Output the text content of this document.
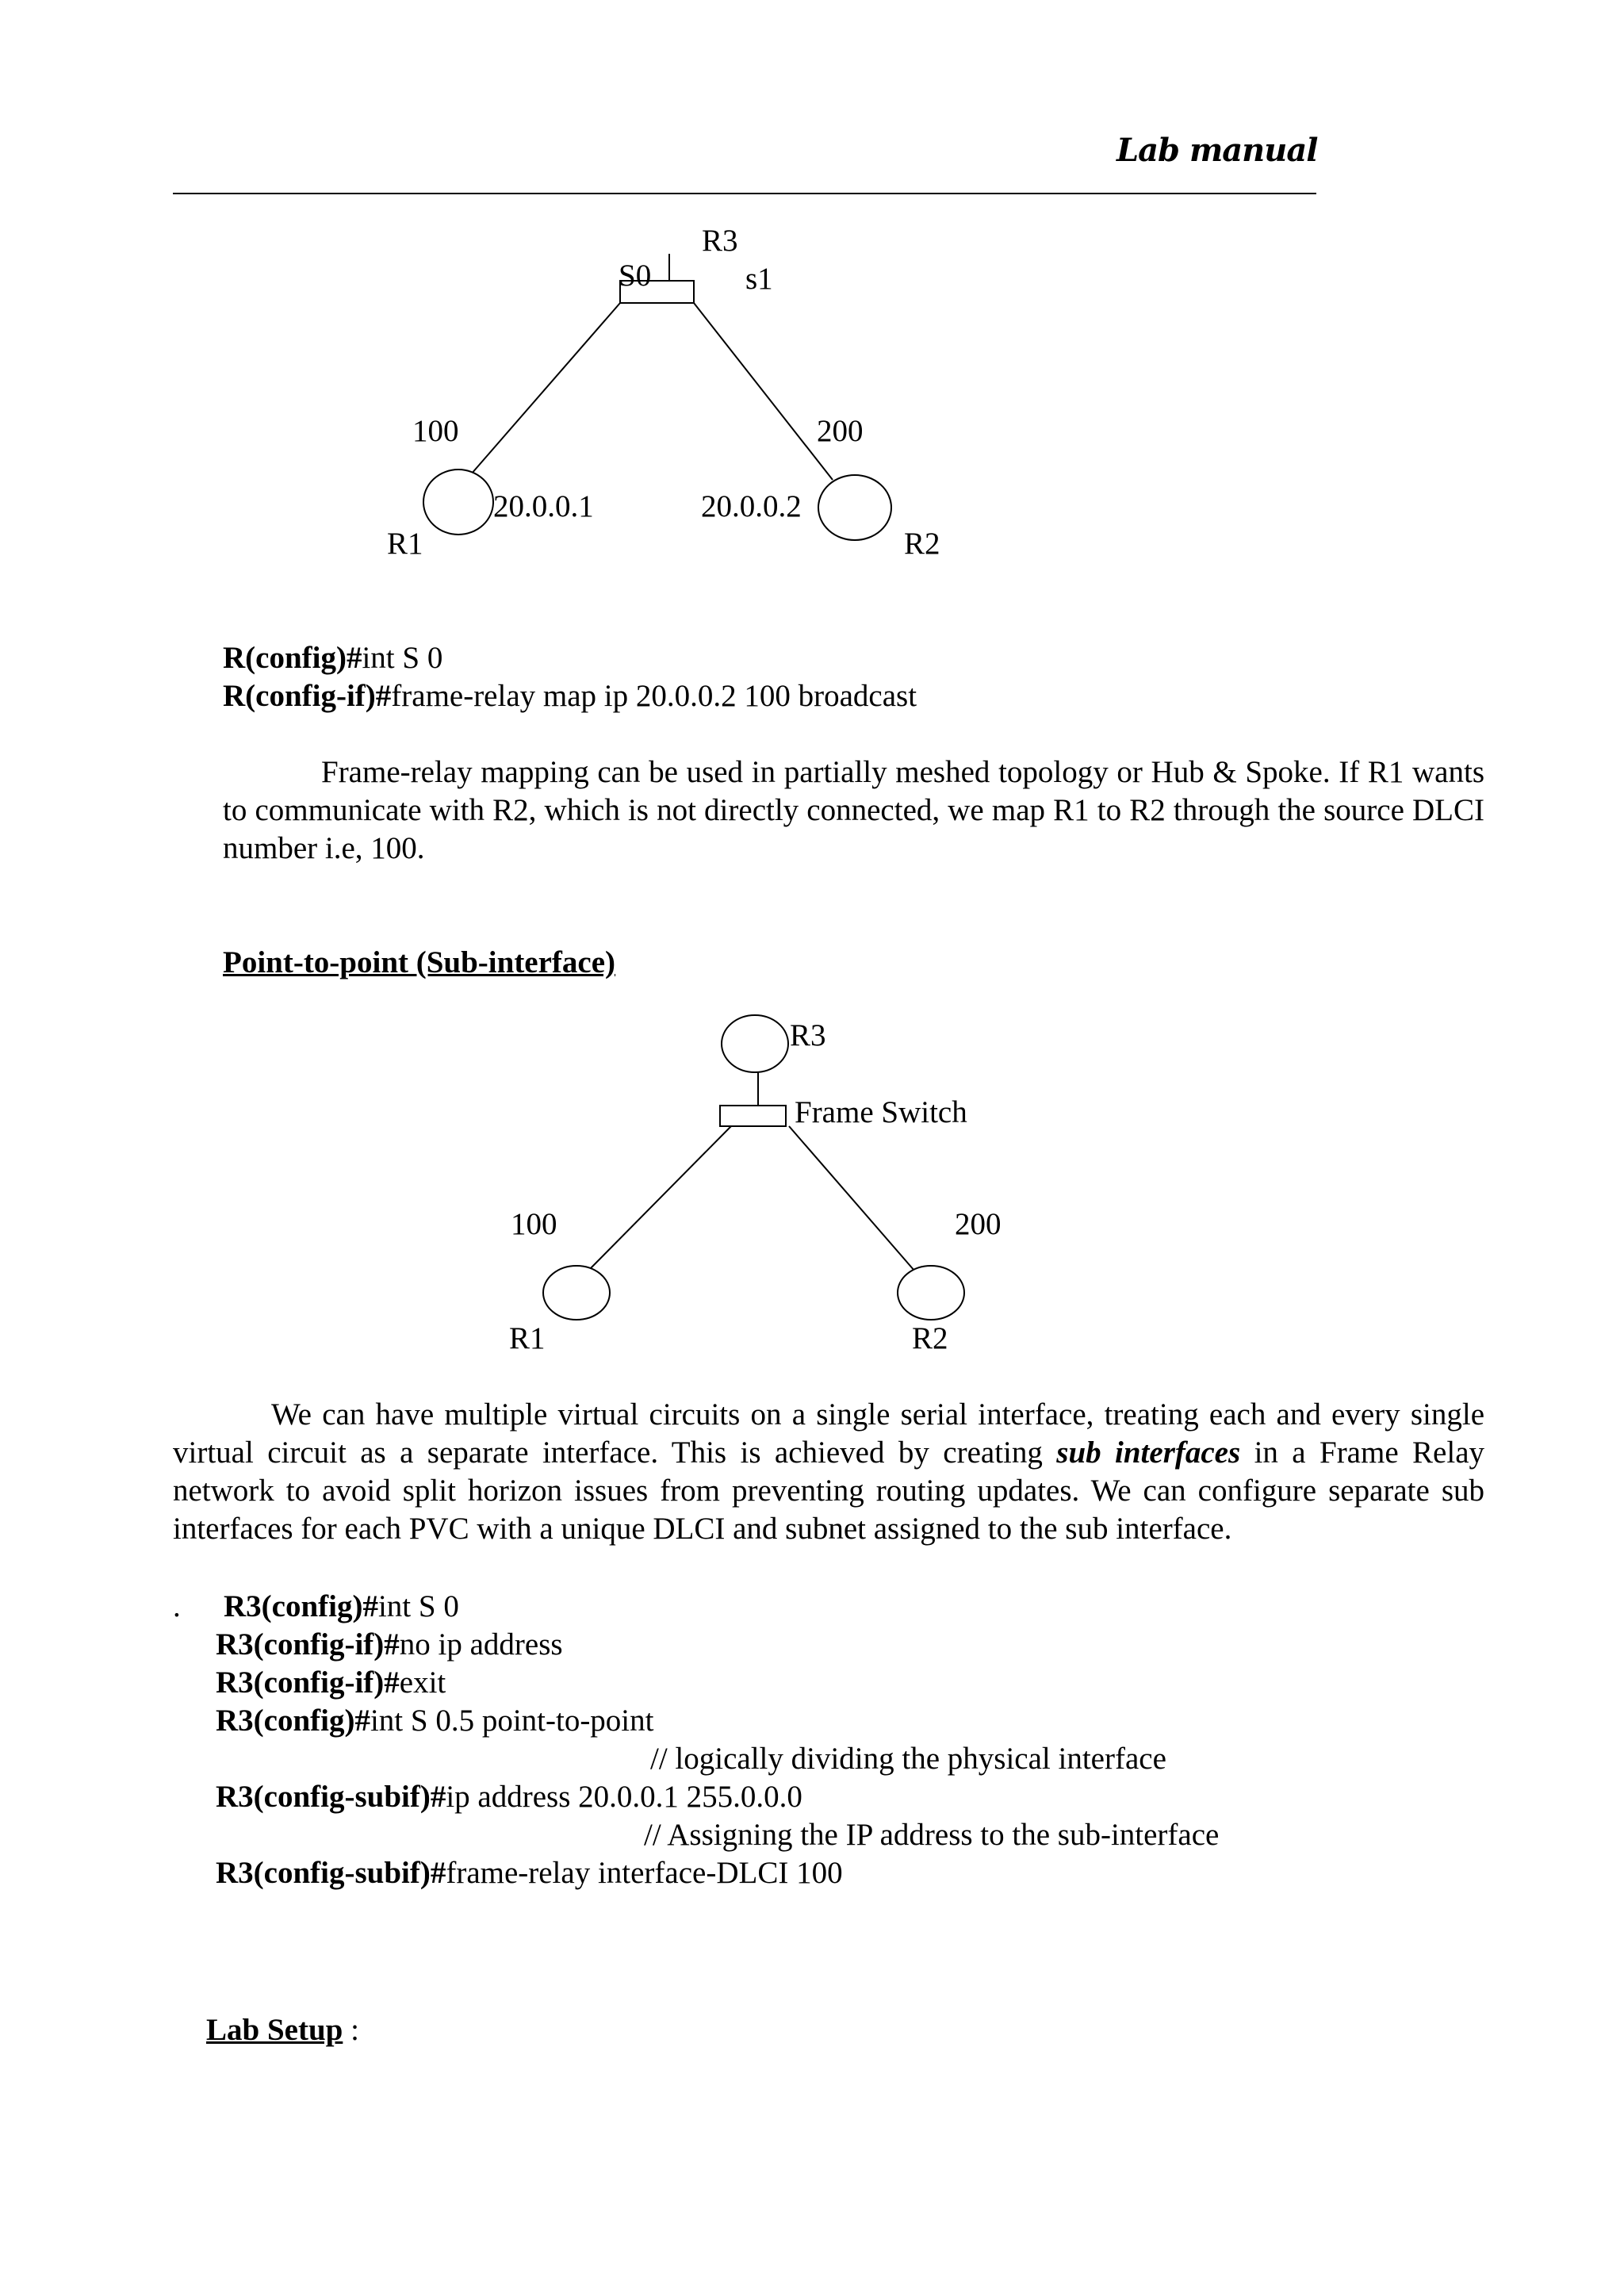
Lab manual
R3
S0	s1
100	200
20.0.0.1	20.0.0.2
R1	R2
R(config)#int S 0
R(config-if)#frame-relay map ip 20.0.0.2 100 broadcast

Frame-relay mapping can be used in partially meshed topology or Hub & Spoke. If R1 wants to communicate with R2, which is not directly connected, we map R1 to R2 through the source DLCI number i.e, 100.

Point-to-point (Sub-interface)
R3
Frame Switch
100	200
R1	R2

We can have multiple virtual circuits on a single serial interface, treating each and every single virtual circuit as a separate interface. This is achieved by creating sub interfaces in a Frame Relay network to avoid split horizon issues from preventing routing updates. We can configure separate sub interfaces for each PVC with a unique DLCI and subnet assigned to the sub interface.

. R3(config)#int S 0
R3(config-if)#no ip address
R3(config-if)#exit
R3(config)#int S 0.5 point-to-point
// logically dividing the physical interface
R3(config-subif)#ip address 20.0.0.1 255.0.0.0
// Assigning the IP address to the sub-interface
R3(config-subif)#frame-relay interface-DLCI 100
Lab Setup :
